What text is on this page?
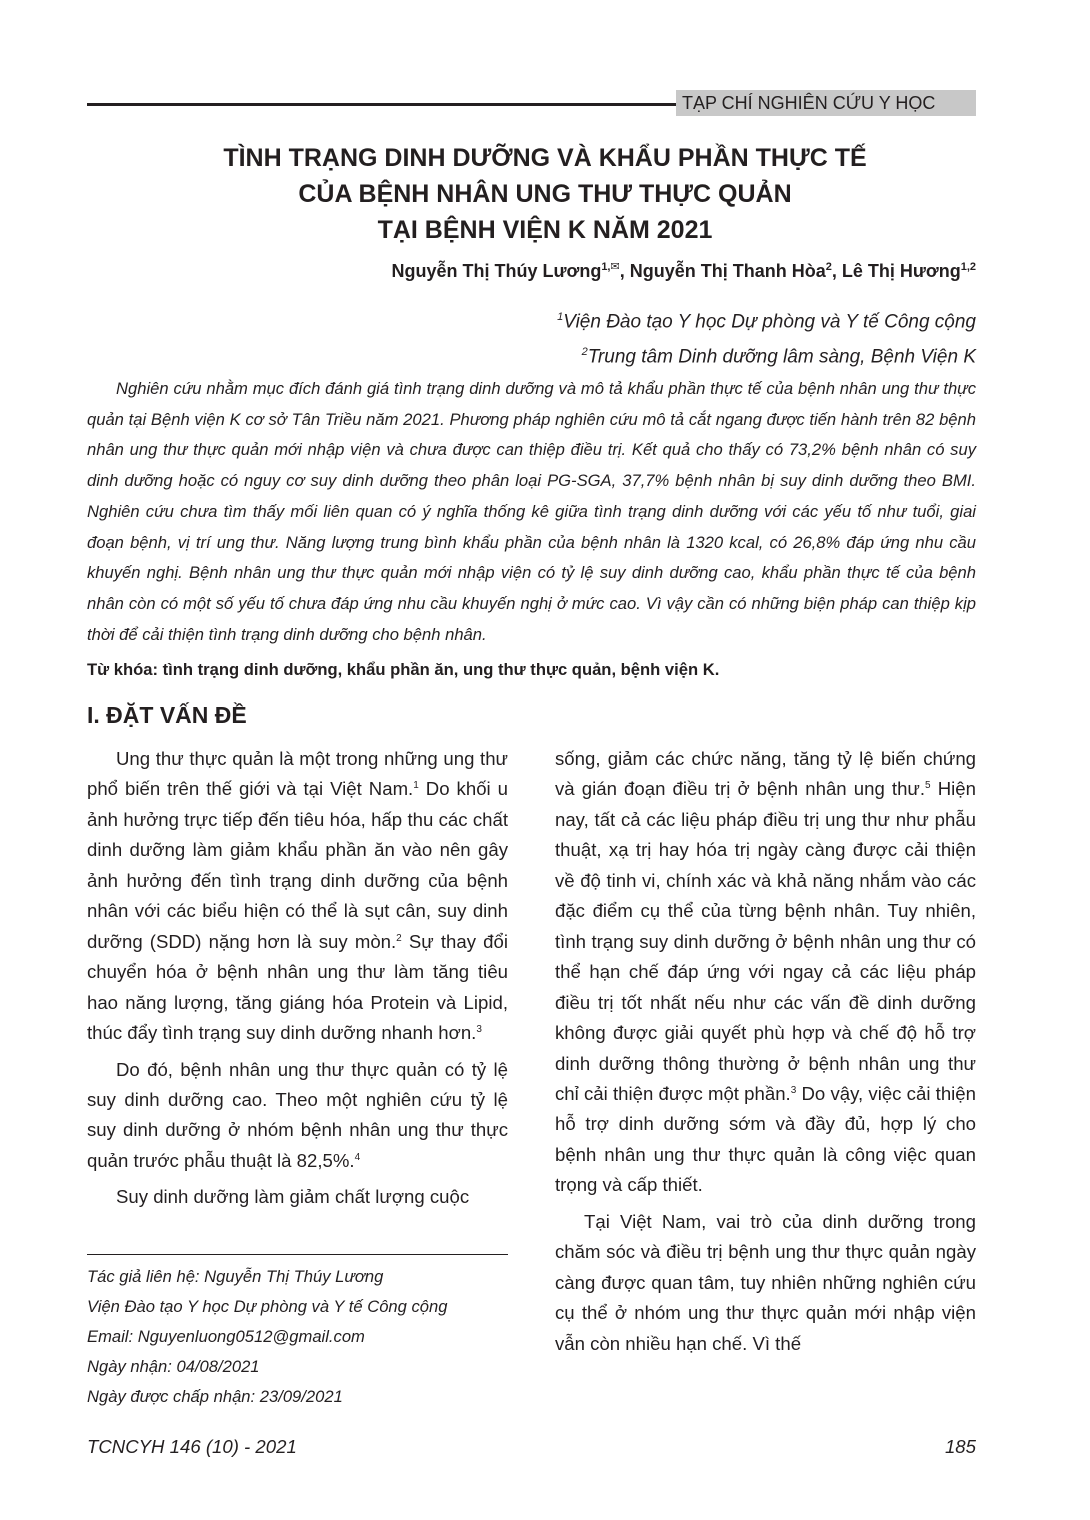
TẠP CHÍ NGHIÊN CỨU Y HỌC
TÌNH TRẠNG DINH DƯỠNG VÀ KHẨU PHẦN THỰC TẾ
CỦA BỆNH NHÂN UNG THƯ THỰC QUẢN
TẠI BỆNH VIỆN K NĂM 2021
Nguyễn Thị Thúy Lương$^{1,✉}$, Nguyễn Thị Thanh Hòa$^2$, Lê Thị Hương$^{1,2}$
$^1$Viện Đào tạo Y học Dự phòng và Y tế Công cộng
$^2$Trung tâm Dinh dưỡng lâm sàng, Bệnh Viện K

Nghiên cứu nhằm mục đích đánh giá tình trạng dinh dưỡng và mô tả khẩu phần thực tế của bệnh nhân ung thư thực quản tại Bệnh viện K cơ sở Tân Triều năm 2021. Phương pháp nghiên cứu mô tả cắt ngang được tiến hành trên 82 bệnh nhân ung thư thực quản mới nhập viện và chưa được can thiệp điều trị. Kết quả cho thấy có 73,2% bệnh nhân có suy dinh dưỡng hoặc có nguy cơ suy dinh dưỡng theo phân loại PG-SGA, 37,7% bệnh nhân bị suy dinh dưỡng theo BMI. Nghiên cứu chưa tìm thấy mối liên quan có ý nghĩa thống kê giữa tình trạng dinh dưỡng với các yếu tố như tuổi, giai đoạn bệnh, vị trí ung thư. Năng lượng trung bình khẩu phần của bệnh nhân là 1320 kcal, có 26,8% đáp ứng nhu cầu khuyến nghị. Bệnh nhân ung thư thực quản mới nhập viện có tỷ lệ suy dinh dưỡng cao, khẩu phần thực tế của bệnh nhân còn có một số yếu tố chưa đáp ứng nhu cầu khuyến nghị ở mức cao. Vì vậy cần có những biện pháp can thiệp kịp thời để cải thiện tình trạng dinh dưỡng cho bệnh nhân.

Từ khóa: tình trạng dinh dưỡng, khẩu phần ăn, ung thư thực quản, bệnh viện K.
I. ĐẶT VẤN ĐỀ

Ung thư thực quản là một trong những ung thư phổ biến trên thế giới và tại Việt Nam.$^1$ Do khối u ảnh hưởng trực tiếp đến tiêu hóa, hấp thu các chất dinh dưỡng làm giảm khẩu phần ăn vào nên gây ảnh hưởng đến tình trạng dinh dưỡng của bệnh nhân với các biểu hiện có thể là sụt cân, suy dinh dưỡng (SDD) nặng hơn là suy mòn.$^2$ Sự thay đổi chuyển hóa ở bệnh nhân ung thư làm tăng tiêu hao năng lượng, tăng giáng hóa Protein và Lipid, thúc đẩy tình trạng suy dinh dưỡng nhanh hơn.$^3$

Do đó, bệnh nhân ung thư thực quản có tỷ lệ suy dinh dưỡng cao. Theo một nghiên cứu tỷ lệ suy dinh dưỡng ở nhóm bệnh nhân ung thư thực quản trước phẫu thuật là 82,5%.$^4$

Suy dinh dưỡng làm giảm chất lượng cuộc

sống, giảm các chức năng, tăng tỷ lệ biến chứng và gián đoạn điều trị ở bệnh nhân ung thư.$^5$ Hiện nay, tất cả các liệu pháp điều trị ung thư như phẫu thuật, xạ trị hay hóa trị ngày càng được cải thiện về độ tinh vi, chính xác và khả năng nhắm vào các đặc điểm cụ thể của từng bệnh nhân. Tuy nhiên, tình trạng suy dinh dưỡng ở bệnh nhân ung thư có thể hạn chế đáp ứng với ngay cả các liệu pháp điều trị tốt nhất nếu như các vấn đề dinh dưỡng không được giải quyết phù hợp và chế độ hỗ trợ dinh dưỡng thông thường ở bệnh nhân ung thư chỉ cải thiện được một phần.$^3$ Do vậy, việc cải thiện hỗ trợ dinh dưỡng sớm và đầy đủ, hợp lý cho bệnh nhân ung thư thực quản là công việc quan trọng và cấp thiết.

Tại Việt Nam, vai trò của dinh dưỡng trong chăm sóc và điều trị bệnh ung thư thực quản ngày càng được quan tâm, tuy nhiên những nghiên cứu cụ thể ở nhóm ung thư thực quản mới nhập viện vẫn còn nhiều hạn chế. Vì thế

Tác giả liên hệ: Nguyễn Thị Thúy Lương
Viện Đào tạo Y học Dự phòng và Y tế Công cộng
Email: Nguyenluong0512@gmail.com
Ngày nhận: 04/08/2021
Ngày được chấp nhận: 23/09/2021
TCNCYH 146 (10) - 2021	185
